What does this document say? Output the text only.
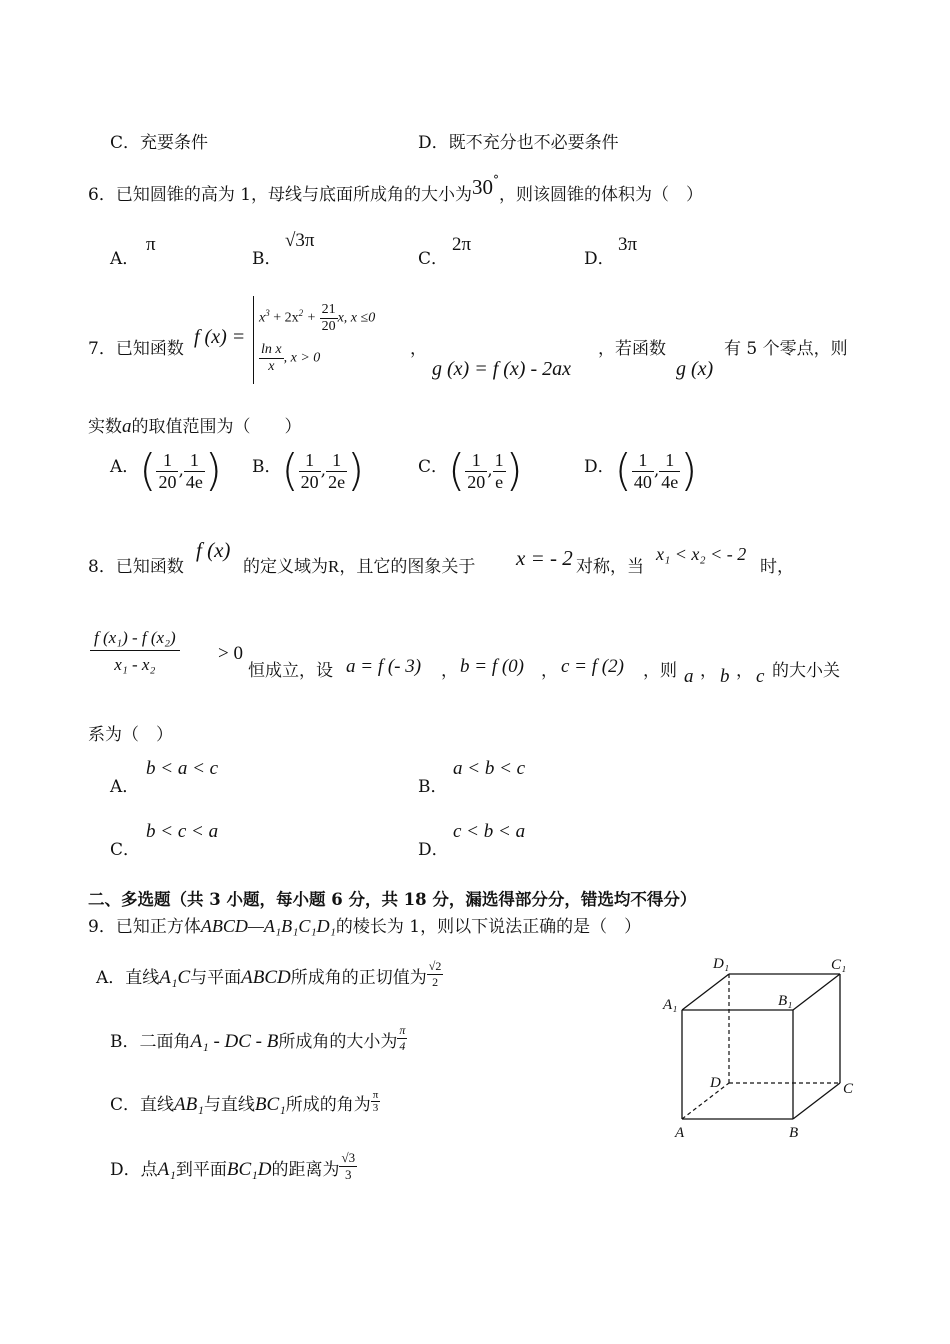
C．充要条件	D．既不充分也不必要条件
6．已知圆锥的高为 1，母线与底面所成角的大小为30°，则该圆锥的体积为（　）
A．
π
B．
√3π
C．
2π
D．
3π
7．已知函数
f (x) =
$x^3 + 2x^2 + \frac{21}{20} x$, x ≤0
$\frac{\text{ln x}}{x}$ , x > 0	，
g (x) = f (x) - 2ax
，若函数
g (x)
有 5 个零点，则
实数a的取值范围为（　　）
A．( $\frac{1}{20}$ , $\frac{1}{4e}$ ) B．( $\frac{1}{20}$ , $\frac{1}{2e}$ )	C．( $\frac{1}{20}$ , $\frac{1}{e}$ )	D．( $\frac{1}{40}$ , $\frac{1}{4e}$ )
8．已知函数
f (x)
的定义域为R，且它的图象关于 x = - 2 对称，当
x₁ < x₂ < - 2
时，
$\frac{\text{f (x₁) - f (x₂)}}{\text{x₁ - x₂}} > 0$
恒成立，设 a = f (- 3) ， b = f (0) ， c = f (2) ，则 a ， b ， c 的大小关
系为（　）
A．
b < a < c
B．
a < b < c
C．
b < c < a
D．
c < b < a
二、多选题（共 3 小题，每小题 6 分，共 18 分，漏选得部分分，错选均不得分）
9．已知正方体ABCD—A₁B₁C₁D₁的棱长为 1，则以下说法正确的是（　）
A．直线A₁C与平面ABCD所成角的正切值为 $\frac{√2}{2}$
B．二面角A₁ - DC - B所成角的大小为 $\frac{\pi}{4}$
C．直线AB₁与直线BC₁所成的角为 $\frac{\pi}{3}$
D．点A₁到平面BC₁D的距离为 $\frac{√3}{3}$
D₁	C₁
A₁	B₁
D	C
A	B
